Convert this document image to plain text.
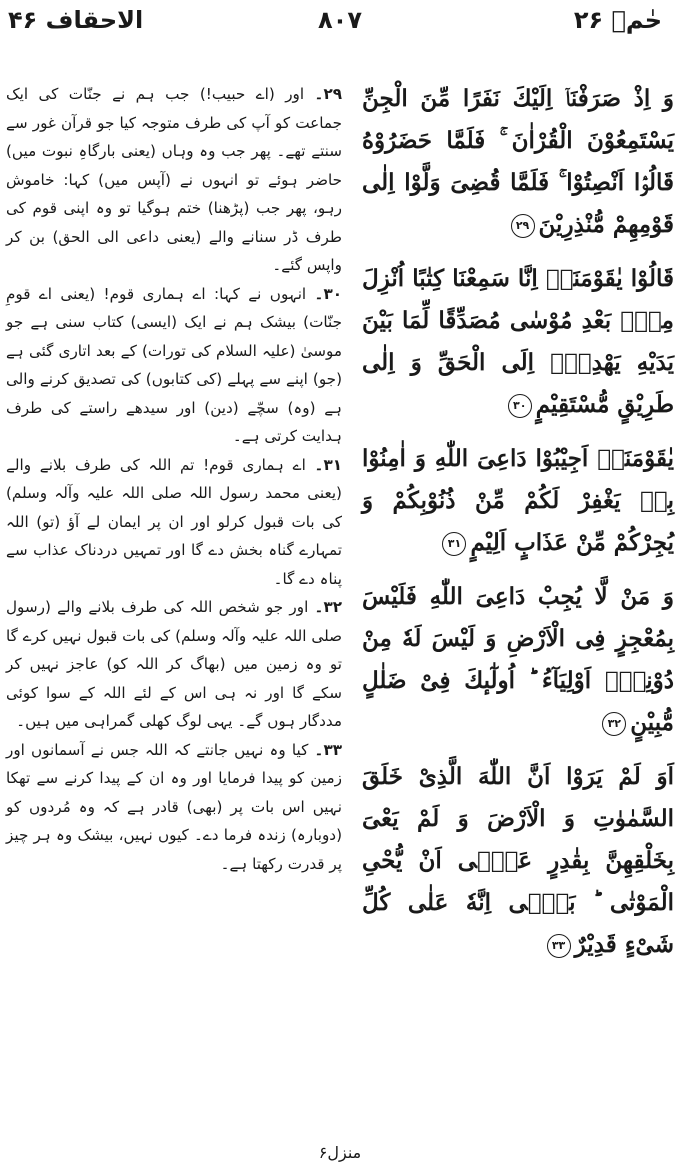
حٰمۤ ۲۶
۸۰۷
الاحقاف ۴۶

وَ اِذْ صَرَفْنَاۤ اِلَیْكَ نَفَرًا مِّنَ الْجِنِّ یَسْتَمِعُوْنَ الْقُرْاٰنَ ۚ فَلَمَّا حَضَرُوْهُ قَالُوْۤا اَنْصِتُوْا ۚ فَلَمَّا قُضِیَ وَلَّوْا اِلٰى قَوْمِهِمْ مُّنْذِرِیْنَ۲۹

قَالُوْا یٰقَوْمَنَاۤ اِنَّا سَمِعْنَا كِتٰبًا اُنْزِلَ مِنْۢ بَعْدِ مُوْسٰى مُصَدِّقًا لِّمَا بَیْنَ یَدَیْهِ یَهْدِیْۤ اِلَى الْحَقِّ وَ اِلٰى طَرِیْقٍ مُّسْتَقِیْمٍ۳۰

یٰقَوْمَنَاۤ اَجِیْبُوْا دَاعِیَ اللّٰهِ وَ اٰمِنُوْا بِهٖ یَغْفِرْ لَكُمْ مِّنْ ذُنُوْبِكُمْ وَ یُجِرْكُمْ مِّنْ عَذَابٍ اَلِیْمٍ۳۱

وَ مَنْ لَّا یُجِبْ دَاعِیَ اللّٰهِ فَلَیْسَ بِمُعْجِزٍ فِی الْاَرْضِ وَ لَیْسَ لَهٗ مِنْ دُوْنِهٖۤ اَوْلِیَآءُ ؕ اُولٰٓىٕكَ فِیْ ضَلٰلٍ مُّبِیْنٍ۳۲

اَوَ لَمْ یَرَوْا اَنَّ اللّٰهَ الَّذِیْ خَلَقَ السَّمٰوٰتِ وَ الْاَرْضَ وَ لَمْ یَعْیَ بِخَلْقِهِنَّ بِقٰدِرٍ عَلٰۤى اَنْ یُّحْیِ الْمَوْتٰى ؕ بَلٰۤى اِنَّهٗ عَلٰى كُلِّ شَیْءٍ قَدِیْرٌ۳۳

۲۹۔ اور (اے حبیب!) جب ہم نے جنّات کی ایک جماعت کو آپ کی طرف متوجہ کیا جو قرآن غور سے سنتے تھے۔ پھر جب وہ وہاں (یعنی بارگاہِ نبوت میں) حاضر ہوئے تو انہوں نے (آپس میں) کہا: خاموش رہو، پھر جب (پڑھنا) ختم ہوگیا تو وہ اپنی قوم کی طرف ڈر سنانے والے (یعنی داعی الی الحق) بن کر واپس گئے۔

۳۰۔ انہوں نے کہا: اے ہماری قوم! (یعنی اے قومِ جنّات) بیشک ہم نے ایک (ایسی) کتاب سنی ہے جو موسیٰ (علیہ السلام کی تورات) کے بعد اتاری گئی ہے (جو) اپنے سے پہلے (کی کتابوں) کی تصدیق کرنے والی ہے (وہ) سچّے (دین) اور سیدھے راستے کی طرف ہدایت کرتی ہے۔

۳۱۔ اے ہماری قوم! تم اللہ کی طرف بلانے والے (یعنی محمد رسول اللہ صلی اللہ علیہ وآلہ وسلم) کی بات قبول کرلو اور ان پر ایمان لے آؤ (تو) اللہ تمہارے گناہ بخش دے گا اور تمہیں دردناک عذاب سے پناہ دے گا۔

۳۲۔ اور جو شخص اللہ کی طرف بلانے والے (رسول صلی اللہ علیہ وآلہ وسلم) کی بات قبول نہیں کرے گا تو وہ زمین میں (بھاگ کر اللہ کو) عاجز نہیں کر سکے گا اور نہ ہی اس کے لئے اللہ کے سوا کوئی مددگار ہوں گے۔ یہی لوگ کھلی گمراہی میں ہیں۔

۳۳۔ کیا وہ نہیں جانتے کہ اللہ جس نے آسمانوں اور زمین کو پیدا فرمایا اور وہ ان کے پیدا کرنے سے تھکا نہیں اس بات پر (بھی) قادر ہے کہ وہ مُردوں کو (دوبارہ) زندہ فرما دے۔ کیوں نہیں، بیشک وہ ہر چیز پر قدرت رکھتا ہے۔

منزل۶
